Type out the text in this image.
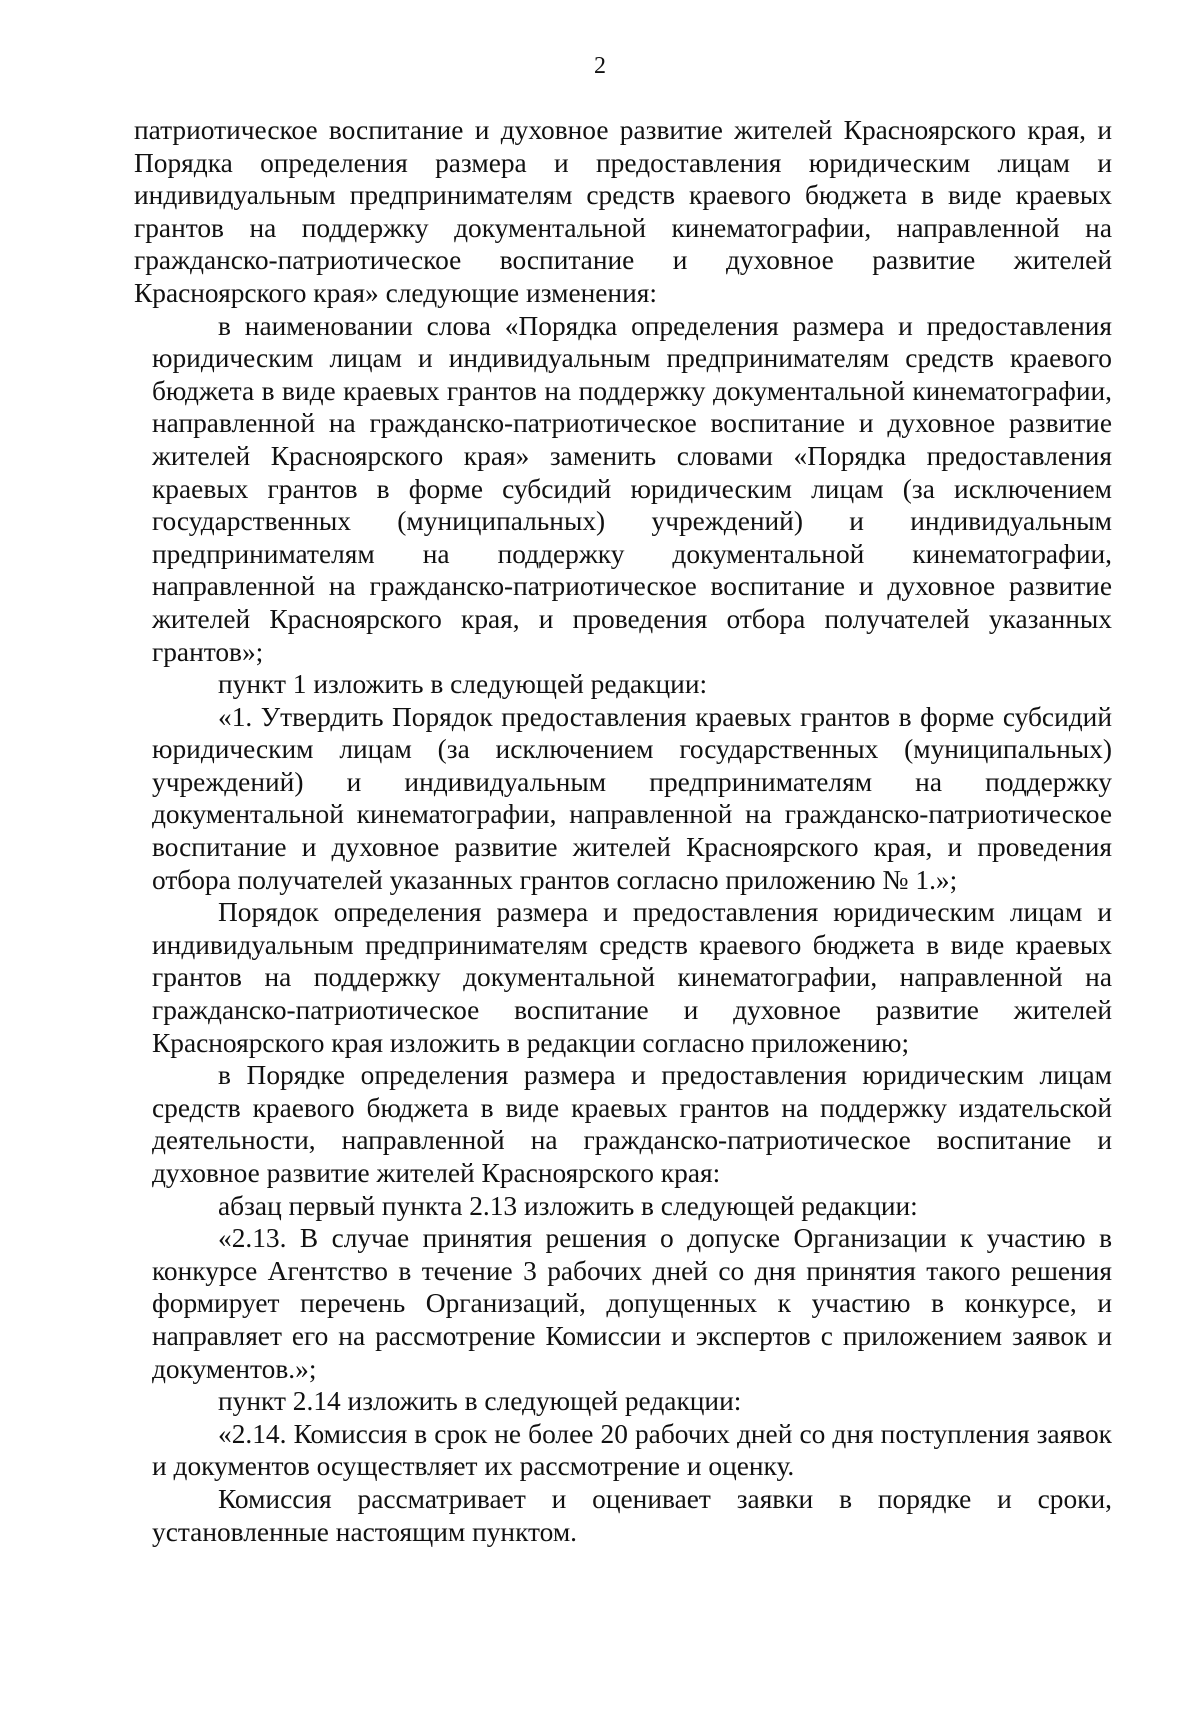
2

патриотическое воспитание и духовное развитие жителей Красноярского края, и Порядка определения размера и предоставления юридическим лицам и индивидуальным предпринимателям средств краевого бюджета в виде краевых грантов на поддержку документальной кинематографии, направленной на гражданско-патриотическое воспитание и духовное развитие жителей Красноярского края» следующие изменения:

в наименовании слова «Порядка определения размера и предоставления юридическим лицам и индивидуальным предпринимателям средств краевого бюджета в виде краевых грантов на поддержку документальной кинематографии, направленной на гражданско-патриотическое воспитание и духовное развитие жителей Красноярского края» заменить словами «Порядка предоставления краевых грантов в форме субсидий юридическим лицам (за исключением государственных (муниципальных) учреждений) и индивидуальным предпринимателям на поддержку документальной кинематографии, направленной на гражданско-патриотическое воспитание и духовное развитие жителей Красноярского края, и проведения отбора получателей указанных грантов»;

пункт 1 изложить в следующей редакции:

«1. Утвердить Порядок предоставления краевых грантов в форме субсидий юридическим лицам (за исключением государственных (муниципальных) учреждений) и индивидуальным предпринимателям на поддержку документальной кинематографии, направленной на гражданско-патриотическое воспитание и духовное развитие жителей Красноярского края, и проведения отбора получателей указанных грантов согласно приложению № 1.»;

Порядок определения размера и предоставления юридическим лицам и индивидуальным предпринимателям средств краевого бюджета в виде краевых грантов на поддержку документальной кинематографии, направленной на гражданско-патриотическое воспитание и духовное развитие жителей Красноярского края изложить в редакции согласно приложению;

в Порядке определения размера и предоставления юридическим лицам средств краевого бюджета в виде краевых грантов на поддержку издательской деятельности, направленной на гражданско-патриотическое воспитание и духовное развитие жителей Красноярского края:

абзац первый пункта 2.13 изложить в следующей редакции:

«2.13. В случае принятия решения о допуске Организации к участию в конкурсе Агентство в течение 3 рабочих дней со дня принятия такого решения формирует перечень Организаций, допущенных к участию в конкурсе, и направляет его на рассмотрение Комиссии и экспертов с приложением заявок и документов.»;

пункт 2.14 изложить в следующей редакции:

«2.14. Комиссия в срок не более 20 рабочих дней со дня поступления заявок и документов осуществляет их рассмотрение и оценку.

Комиссия рассматривает и оценивает заявки в порядке и сроки, установленные настоящим пунктом.
